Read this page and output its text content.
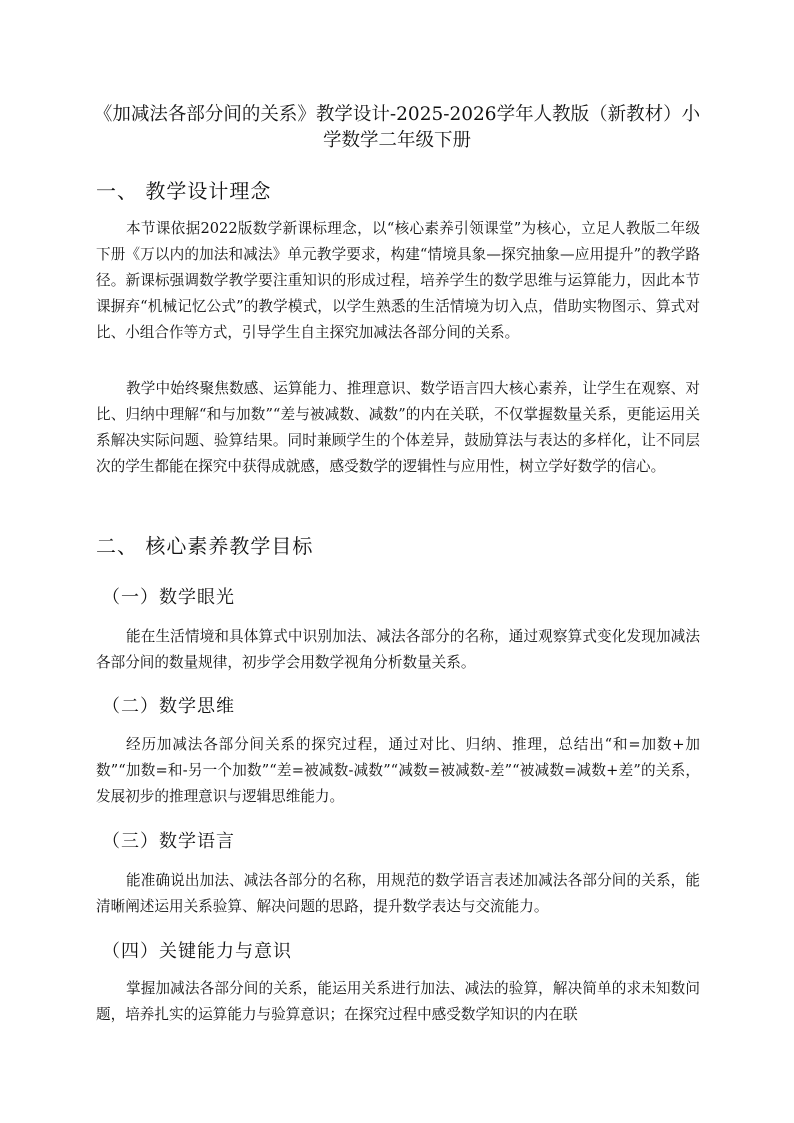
《加减法各部分间的关系》教学设计-2025-2026学年人教版（新教材）小学数学二年级下册
一、 教学设计理念
本节课依据2022版数学新课标理念，以“核心素养引领课堂”为核心，立足人教版二年级下册《万以内的加法和减法》单元教学要求，构建“情境具象—探究抽象—应用提升”的教学路径。新课标强调数学教学要注重知识的形成过程，培养学生的数学思维与运算能力，因此本节课摒弃“机械记忆公式”的教学模式，以学生熟悉的生活情境为切入点，借助实物图示、算式对比、小组合作等方式，引导学生自主探究加减法各部分间的关系。
教学中始终聚焦数感、运算能力、推理意识、数学语言四大核心素养，让学生在观察、对比、归纳中理解“和与加数”“差与被减数、减数”的内在关联，不仅掌握数量关系，更能运用关系解决实际问题、验算结果。同时兼顾学生的个体差异，鼓励算法与表达的多样化，让不同层次的学生都能在探究中获得成就感，感受数学的逻辑性与应用性，树立学好数学的信心。
二、 核心素养教学目标
（一）数学眼光
能在生活情境和具体算式中识别加法、减法各部分的名称，通过观察算式变化发现加减法各部分间的数量规律，初步学会用数学视角分析数量关系。
（二）数学思维
经历加减法各部分间关系的探究过程，通过对比、归纳、推理，总结出“和=加数+加数”“加数=和-另一个加数”“差=被减数-减数”“减数=被减数-差”“被减数=减数+差”的关系，发展初步的推理意识与逻辑思维能力。
（三）数学语言
能准确说出加法、减法各部分的名称，用规范的数学语言表述加减法各部分间的关系，能清晰阐述运用关系验算、解决问题的思路，提升数学表达与交流能力。
（四）关键能力与意识
掌握加减法各部分间的关系，能运用关系进行加法、减法的验算，解决简单的求未知数问题，培养扎实的运算能力与验算意识；在探究过程中感受数学知识的内在联
